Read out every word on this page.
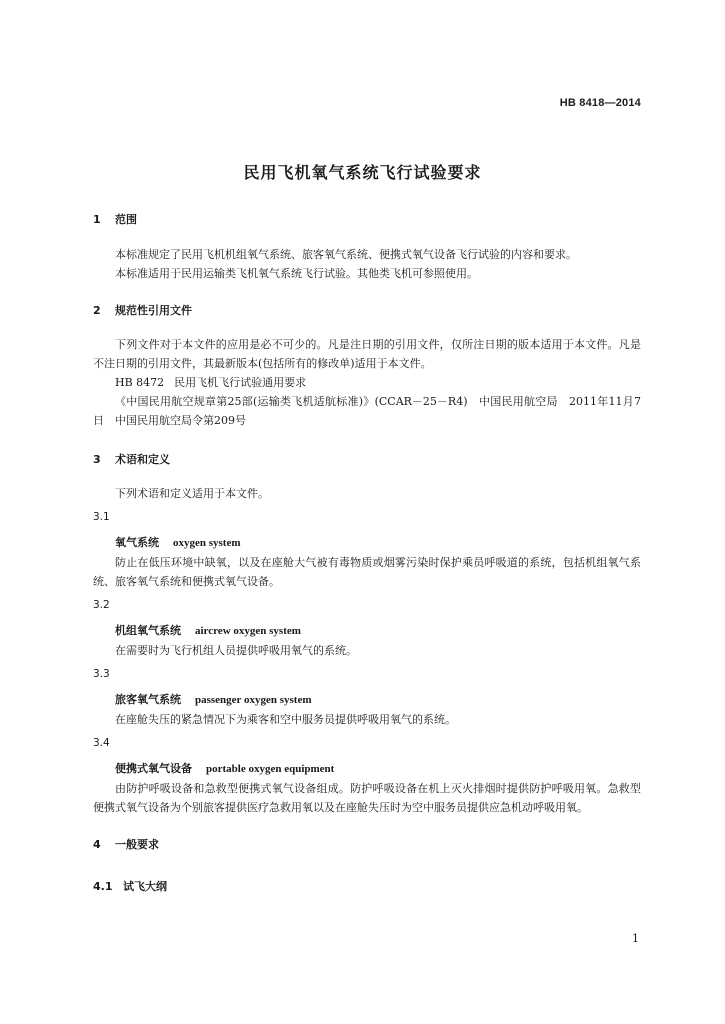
HB 8418—2014
民用飞机氧气系统飞行试验要求
1 范围
本标准规定了民用飞机机组氧气系统、旅客氧气系统、便携式氧气设备飞行试验的内容和要求。
本标准适用于民用运输类飞机氧气系统飞行试验。其他类飞机可参照使用。
2 规范性引用文件
下列文件对于本文件的应用是必不可少的。凡是注日期的引用文件，仅所注日期的版本适用于本文件。凡是不注日期的引用文件，其最新版本(包括所有的修改单)适用于本文件。
HB 8472 民用飞机飞行试验通用要求
《中国民用航空规章第25部(运输类飞机适航标准)》(CCAR－25－R4)　中国民用航空局　2011年11月7日　中国民用航空局令第209号
3 术语和定义
下列术语和定义适用于本文件。
3.1
氧气系统 oxygen system
防止在低压环境中缺氧，以及在座舱大气被有毒物质或烟雾污染时保护乘员呼吸道的系统，包括机组氧气系统、旅客氧气系统和便携式氧气设备。
3.2
机组氧气系统 aircrew oxygen system
在需要时为飞行机组人员提供呼吸用氧气的系统。
3.3
旅客氧气系统 passenger oxygen system
在座舱失压的紧急情况下为乘客和空中服务员提供呼吸用氧气的系统。
3.4
便携式氧气设备 portable oxygen equipment
由防护呼吸设备和急救型便携式氧气设备组成。防护呼吸设备在机上灭火排烟时提供防护呼吸用氧。急救型便携式氧气设备为个别旅客提供医疗急救用氧以及在座舱失压时为空中服务员提供应急机动呼吸用氧。
4 一般要求
4.1 试飞大纲
1
